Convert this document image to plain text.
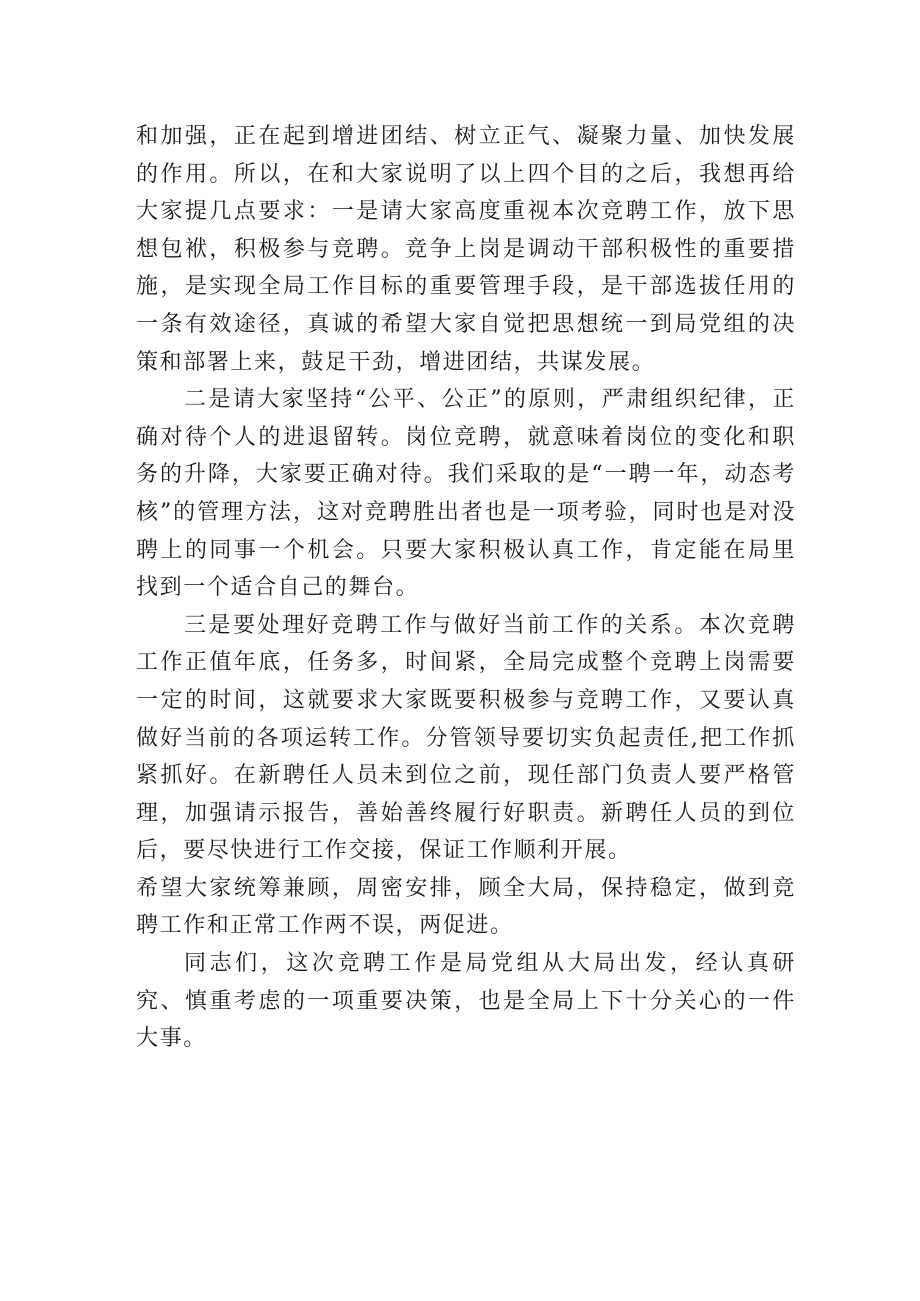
和加强，正在起到增进团结、树立正气、凝聚力量、加快发展的作用。所以，在和大家说明了以上四个目的之后，我想再给大家提几点要求：一是请大家高度重视本次竞聘工作，放下思想包袱，积极参与竞聘。竞争上岗是调动干部积极性的重要措施，是实现全局工作目标的重要管理手段，是干部选拔任用的一条有效途径，真诚的希望大家自觉把思想统一到局党组的决策和部署上来，鼓足干劲，增进团结，共谋发展。

二是请大家坚持“公平、公正”的原则，严肃组织纪律，正确对待个人的进退留转。岗位竞聘，就意味着岗位的变化和职务的升降，大家要正确对待。我们采取的是“一聘一年，动态考核”的管理方法，这对竞聘胜出者也是一项考验，同时也是对没聘上的同事一个机会。只要大家积极认真工作，肯定能在局里找到一个适合自己的舞台。

三是要处理好竞聘工作与做好当前工作的关系。本次竞聘工作正值年底，任务多，时间紧，全局完成整个竞聘上岗需要一定的时间，这就要求大家既要积极参与竞聘工作，又要认真做好当前的各项运转工作。分管领导要切实负起责任,把工作抓紧抓好。在新聘任人员未到位之前，现任部门负责人要严格管理，加强请示报告，善始善终履行好职责。新聘任人员的到位后，要尽快进行工作交接，保证工作顺利开展。

希望大家统筹兼顾，周密安排，顾全大局，保持稳定，做到竞聘工作和正常工作两不误，两促进。

同志们，这次竞聘工作是局党组从大局出发，经认真研究、慎重考虑的一项重要决策，也是全局上下十分关心的一件大事。
